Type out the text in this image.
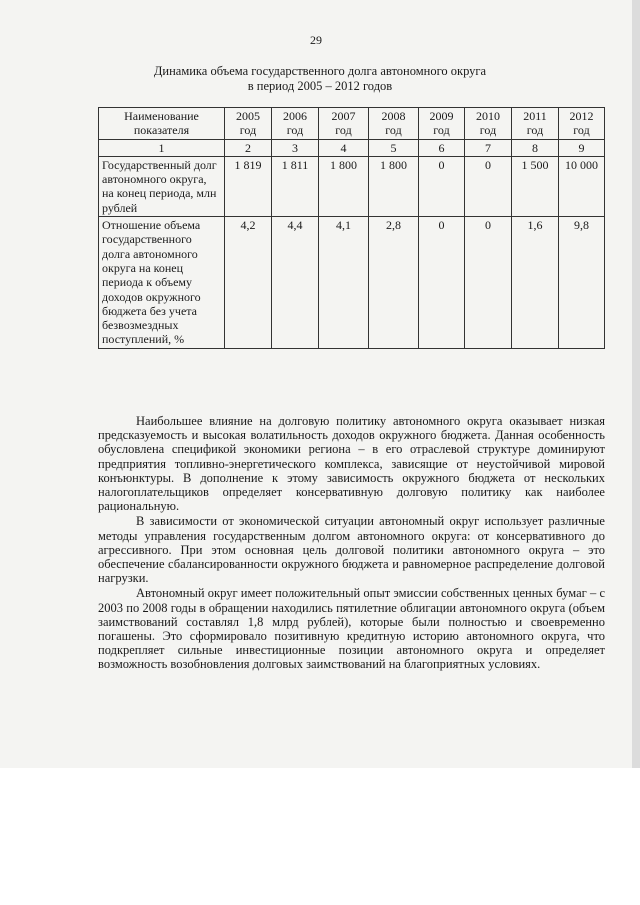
29
Динамика объема государственного долга автономного округа
в период 2005 – 2012 годов
Наименование показателя	2005 год	2006 год	2007 год	2008 год	2009 год	2010 год	2011 год	2012 год
1	2	3	4	5	6	7	8	9
Государственный долг автономного округа, на конец периода, млн рублей	1 819	1 811	1 800	1 800	0	0	1 500	10 000
Отношение объема государственного долга автономного округа на конец периода к объему доходов окружного бюджета без учета безвозмездных поступлений, %	4,2	4,4	4,1	2,8	0	0	1,6	9,8

Наибольшее влияние на долговую политику автономного округа оказывает низкая предсказуемость и высокая волатильность доходов окружного бюджета. Данная особенность обусловлена спецификой экономики региона – в его отраслевой структуре доминируют предприятия топливно-энергетического комплекса, зависящие от неустойчивой мировой конъюнктуры. В дополнение к этому зависимость окружного бюджета от нескольких налогоплательщиков определяет консервативную долговую политику как наиболее рациональную.

В зависимости от экономической ситуации автономный округ использует различные методы управления государственным долгом автономного округа: от консервативного до агрессивного. При этом основная цель долговой политики автономного округа – это обеспечение сбалансированности окружного бюджета и равномерное распределение долговой нагрузки.

Автономный округ имеет положительный опыт эмиссии собственных ценных бумаг – с 2003 по 2008 годы в обращении находились пятилетние облигации автономного округа (объем заимствований составлял 1,8 млрд рублей), которые были полностью и своевременно погашены. Это сформировало позитивную кредитную историю автономного округа, что подкрепляет сильные инвестиционные позиции автономного округа и определяет возможность возобновления долговых заимствований на благоприятных условиях.
